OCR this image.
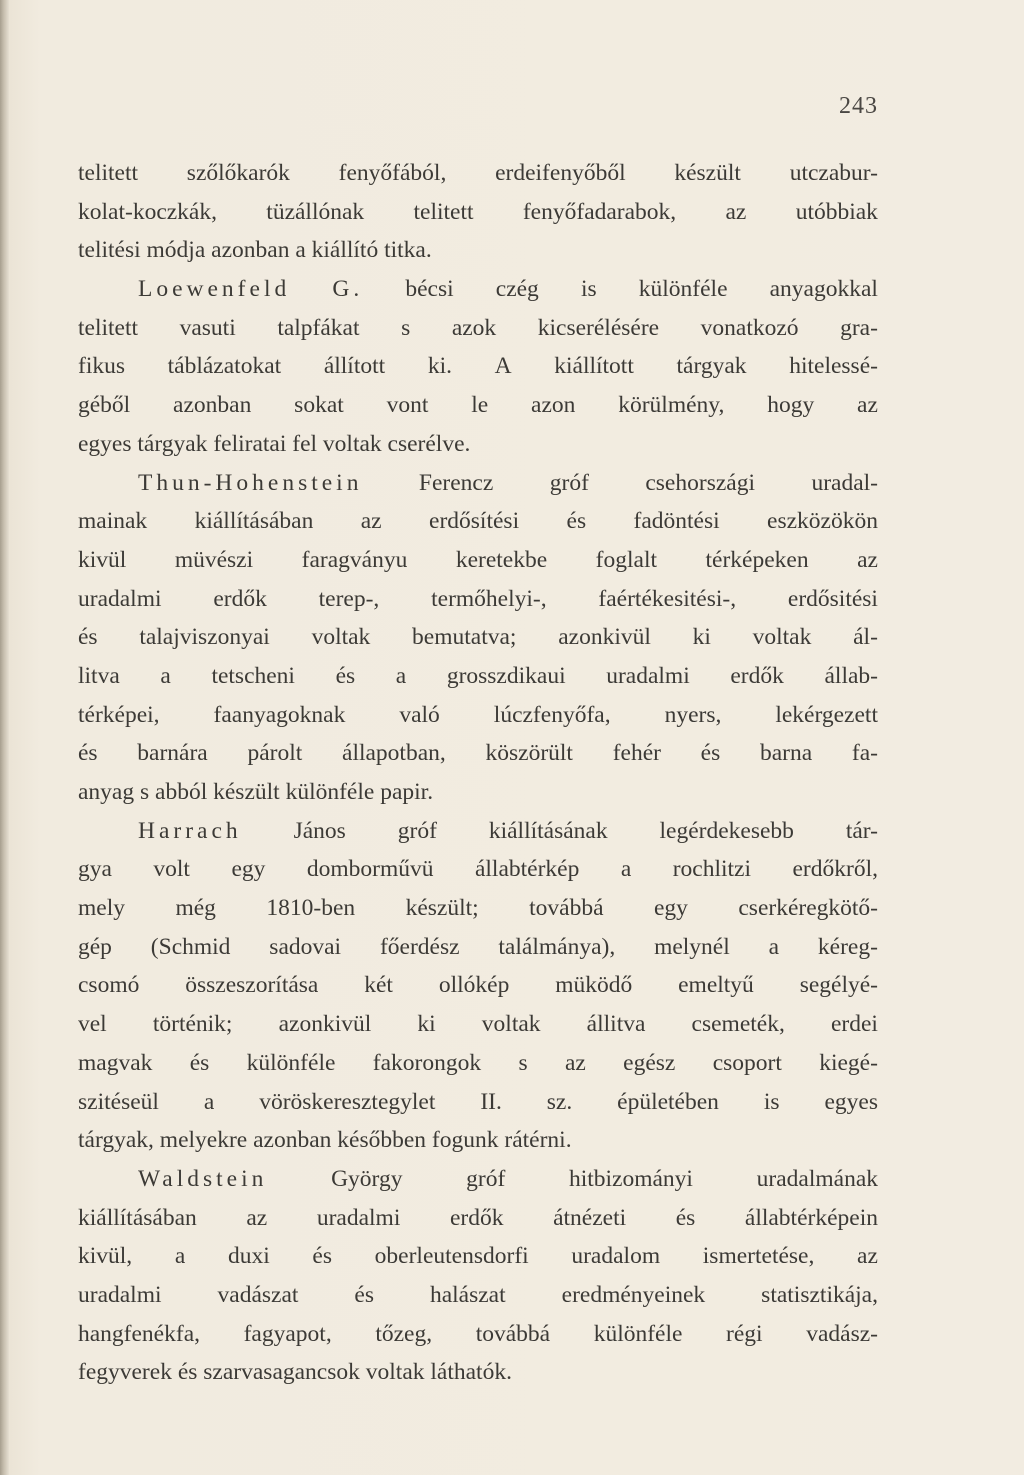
243
telitett szőlőkarók fenyőfából, erdeifenyőből készült utczabur-
kolat-koczkák, tüzállónak telitett fenyőfadarabok, az utóbbiak
telitési módja azonban a kiállító titka.
Loewenfeld G. bécsi czég is különféle anyagokkal
telitett vasuti talpfákat s azok kicserélésére vonatkozó gra-
fikus táblázatokat állított ki. A kiállított tárgyak hitelessé-
géből azonban sokat vont le azon körülmény, hogy az
egyes tárgyak feliratai fel voltak cserélve.
Thun-Hohenstein Ferencz gróf csehországi uradal-
mainak kiállításában az erdősítési és fadöntési eszközökön
kivül müvészi faragványu keretekbe foglalt térképeken az
uradalmi erdők terep-, termőhelyi-, faértékesitési-, erdősitési
és talajviszonyai voltak bemutatva; azonkivül ki voltak ál-
litva a tetscheni és a grosszdikaui uradalmi erdők állab-
térképei, faanyagoknak való lúczfenyőfa, nyers, lekérgezett
és barnára párolt állapotban, köszörült fehér és barna fa-
anyag s abból készült különféle papir.
Harrach János gróf kiállításának legérdekesebb tár-
gya volt egy domborművü állabtérkép a rochlitzi erdőkről,
mely még 1810-ben készült; továbbá egy cserkéregkötő-
gép (Schmid sadovai főerdész találmánya), melynél a kéreg-
csomó összeszorítása két ollókép müködő emeltyű segélyé-
vel történik; azonkivül ki voltak állitva csemeték, erdei
magvak és különféle fakorongok s az egész csoport kiegé-
szitéseül a vöröskeresztegylet II. sz. épületében is egyes
tárgyak, melyekre azonban későbben fogunk rátérni.
Waldstein	György	gróf	hitbizományi	uradalmának
kiállításában az uradalmi erdők átnézeti és állabtérképein
kivül, a duxi és oberleutensdorfi uradalom ismertetése, az
uradalmi vadászat és halászat eredményeinek statisztikája,
hangfenékfa, fagyapot, tőzeg, továbbá különféle régi vadász-
fegyverek és szarvasagancsok voltak láthatók.
